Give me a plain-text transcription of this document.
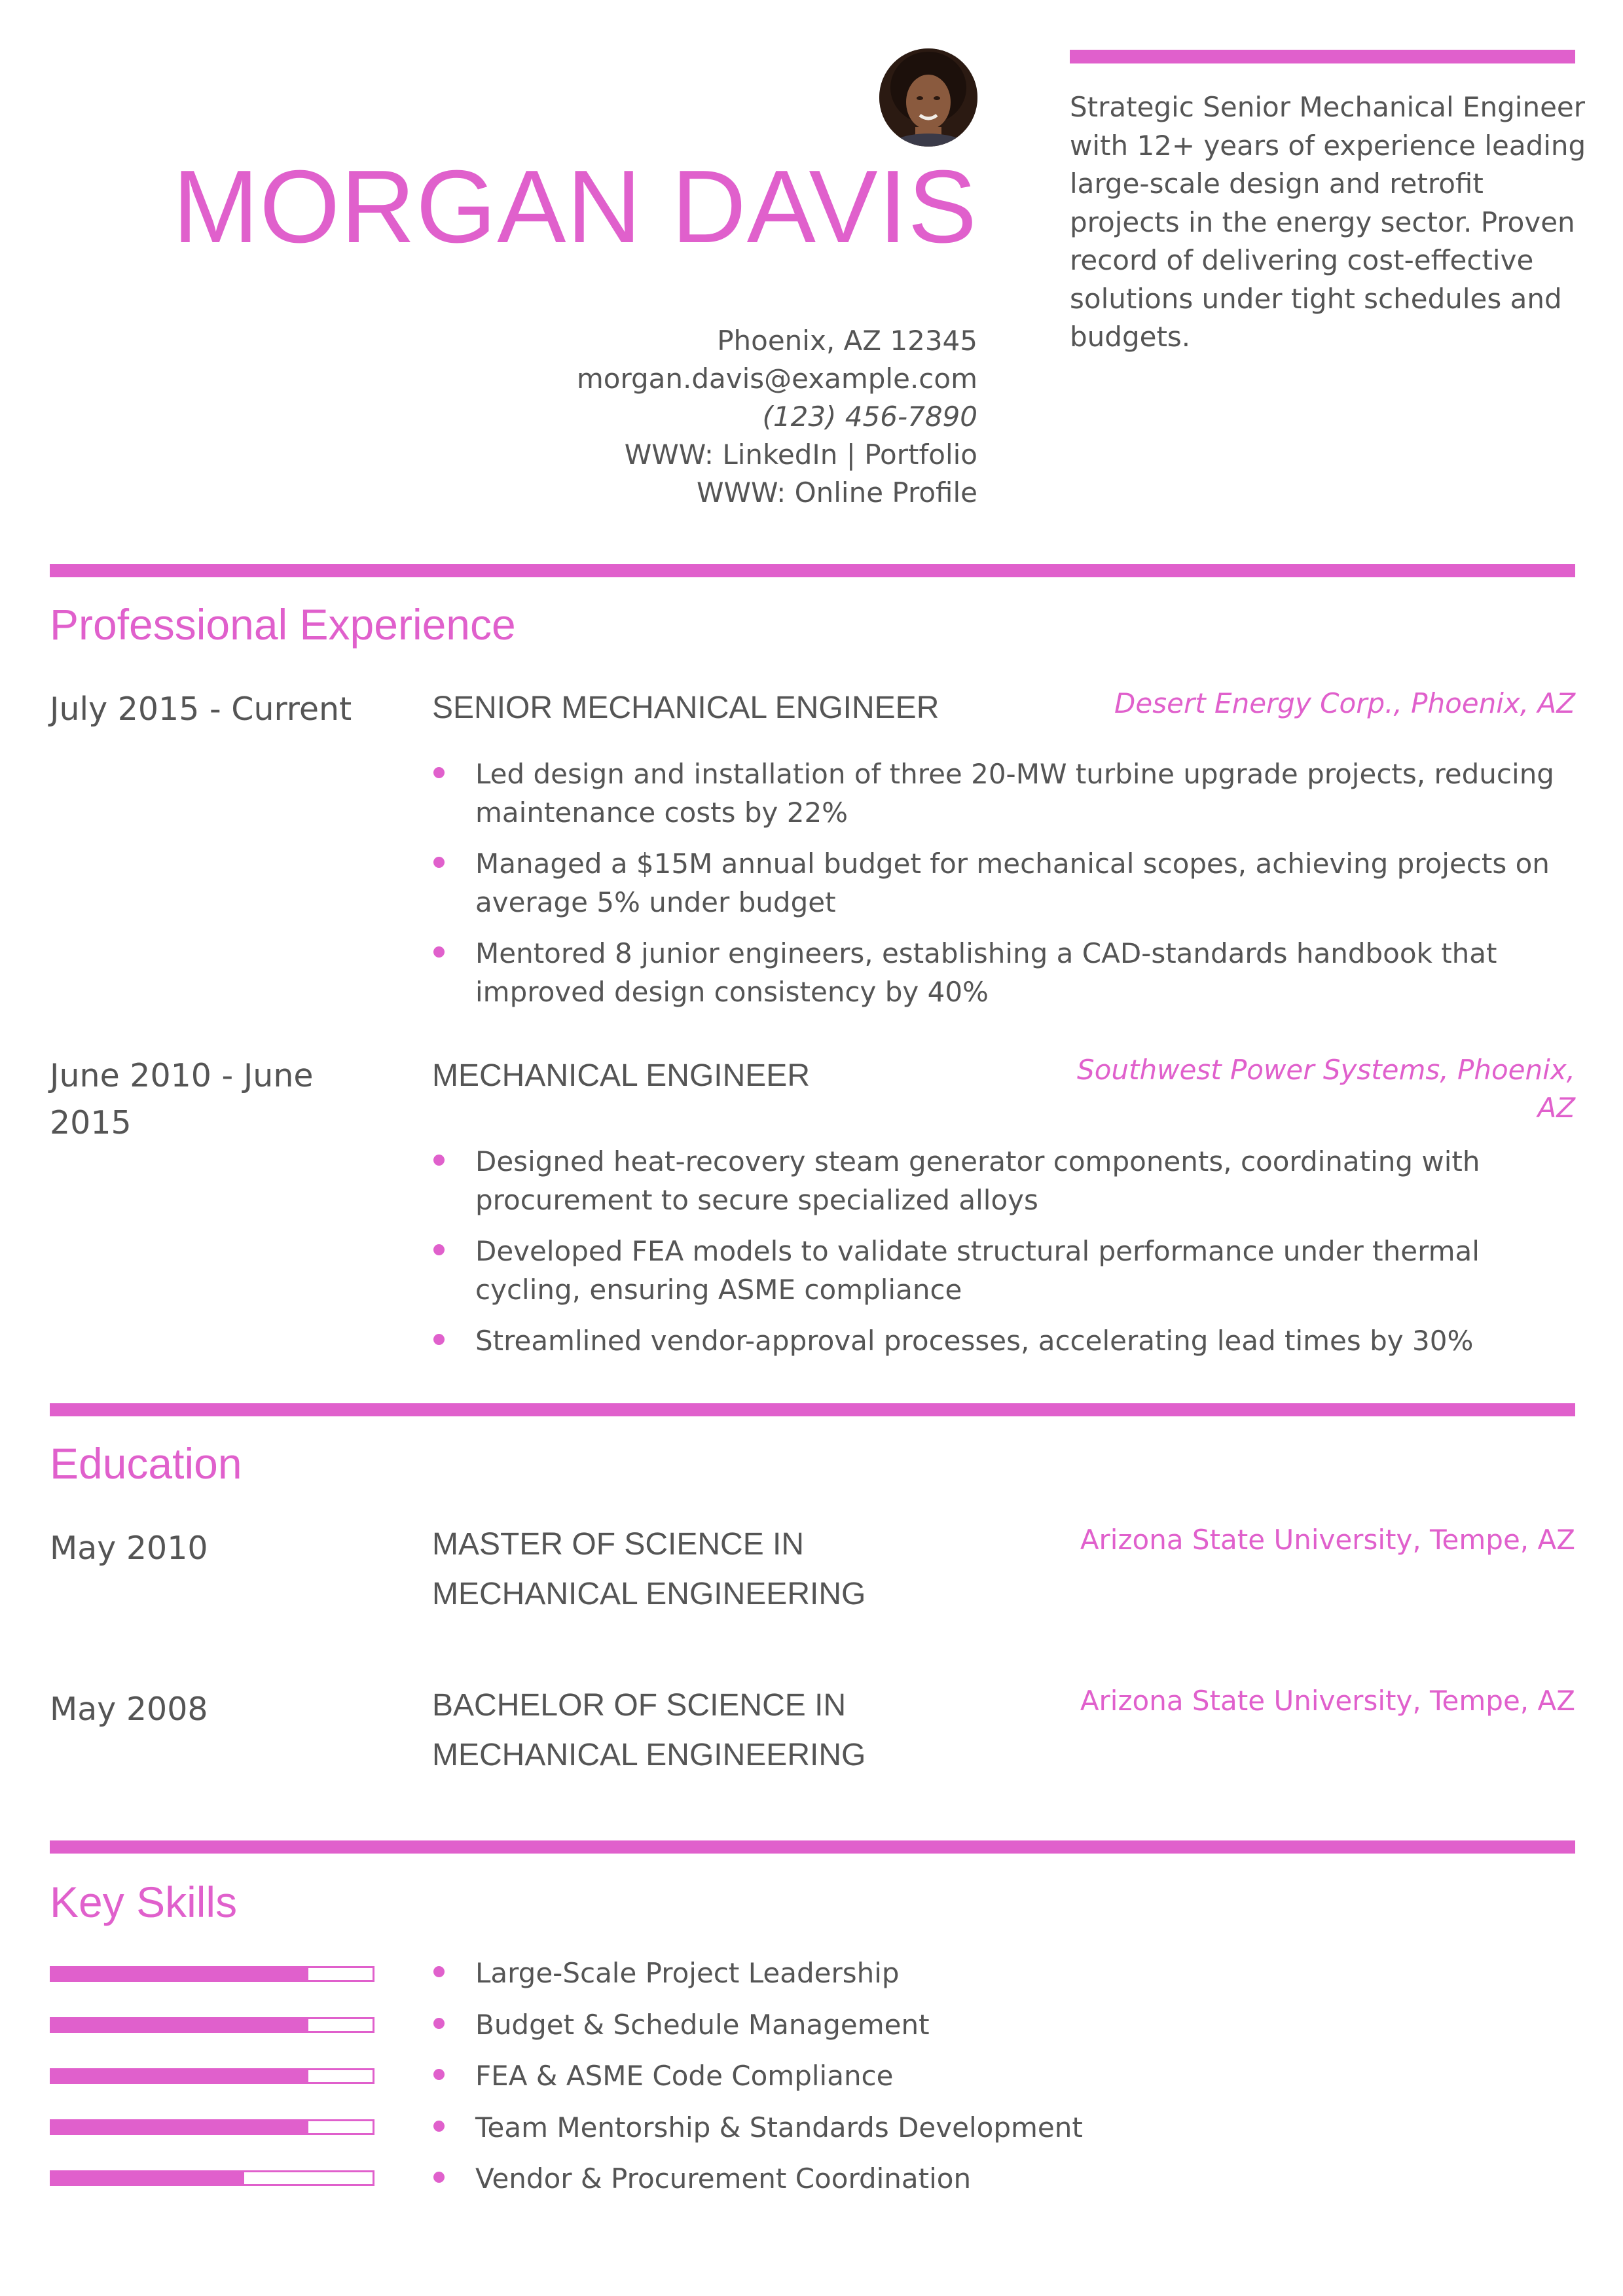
MORGAN DAVIS
Phoenix, AZ 12345
morgan.davis@example.com
(123) 456-7890
WWW: LinkedIn | Portfolio
WWW: Online Profile
Strategic Senior Mechanical Engineer with 12+ years of experience leading large-scale design and retrofit projects in the energy sector. Proven record of delivering cost-effective solutions under tight schedules and budgets.
Professional Experience
July 2015 - Current	SENIOR MECHANICAL ENGINEER	Desert Energy Corp., Phoenix, AZ
Led design and installation of three 20-MW turbine upgrade projects, reducing maintenance costs by 22%
Managed a $15M annual budget for mechanical scopes, achieving projects on average 5% under budget
Mentored 8 junior engineers, establishing a CAD-standards handbook that improved design consistency by 40%
June 2010 - June 2015
MECHANICAL ENGINEER	Southwest Power Systems, Phoenix, AZ
Designed heat-recovery steam generator components, coordinating with procurement to secure specialized alloys
Developed FEA models to validate structural performance under thermal cycling, ensuring ASME compliance
Streamlined vendor-approval processes, accelerating lead times by 30%
Education
May 2010	MASTER OF SCIENCE IN
MECHANICAL ENGINEERING
Arizona State University, Tempe, AZ
May 2008	BACHELOR OF SCIENCE IN
MECHANICAL ENGINEERING
Arizona State University, Tempe, AZ
Key Skills
Large-Scale Project Leadership
Budget & Schedule Management
FEA & ASME Code Compliance
Team Mentorship & Standards Development
Vendor & Procurement Coordination
